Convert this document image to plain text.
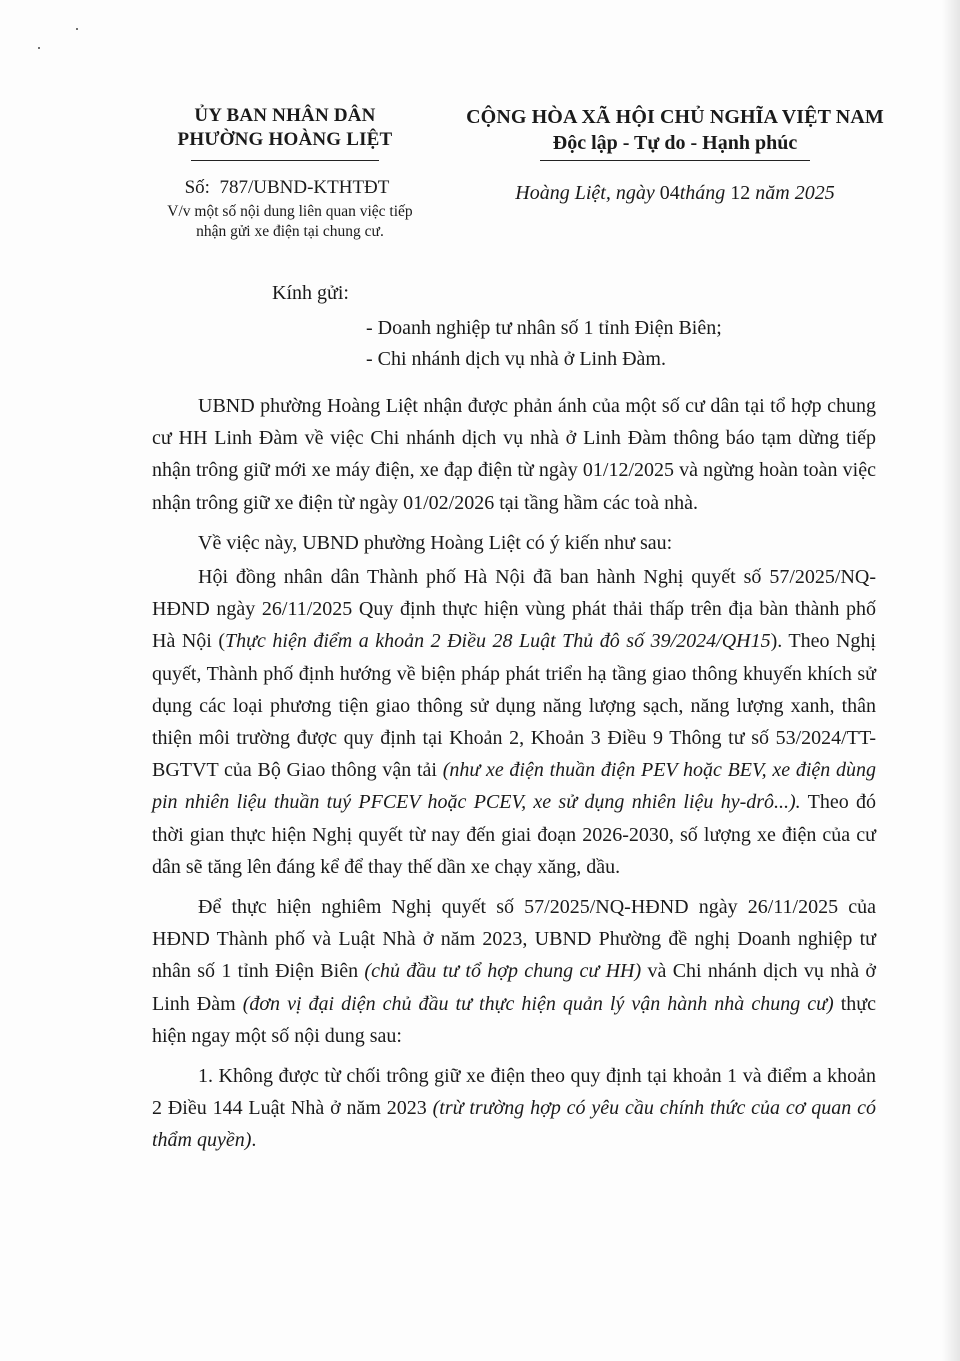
ỦY BAN NHÂN DÂN
PHƯỜNG HOÀNG LIỆT
CỘNG HÒA XÃ HỘI CHỦ NGHĨA VIỆT NAM
Độc lập - Tự do - Hạnh phúc
Số: 787/UBND-KTHTĐT
V/v một số nội dung liên quan việc tiếp
nhận gửi xe điện tại chung cư.
Hoàng Liệt, ngày 04tháng 12 năm 2025
Kính gửi:
- Doanh nghiệp tư nhân số 1 tỉnh Điện Biên;
- Chi nhánh dịch vụ nhà ở Linh Đàm.

UBND phường Hoàng Liệt nhận được phản ánh của một số cư dân tại tổ hợp chung cư HH Linh Đàm về việc Chi nhánh dịch vụ nhà ở Linh Đàm thông báo tạm dừng tiếp nhận trông giữ mới xe máy điện, xe đạp điện từ ngày 01/12/2025 và ngừng hoàn toàn việc nhận trông giữ xe điện từ ngày 01/02/2026 tại tầng hầm các toà nhà.

Về việc này, UBND phường Hoàng Liệt có ý kiến như sau:

Hội đồng nhân dân Thành phố Hà Nội đã ban hành Nghị quyết số 57/2025/NQ-HĐND ngày 26/11/2025 Quy định thực hiện vùng phát thải thấp trên địa bàn thành phố Hà Nội (Thực hiện điểm a khoản 2 Điều 28 Luật Thủ đô số 39/2024/QH15). Theo Nghị quyết, Thành phố định hướng về biện pháp phát triển hạ tầng giao thông khuyến khích sử dụng các loại phương tiện giao thông sử dụng năng lượng sạch, năng lượng xanh, thân thiện môi trường được quy định tại Khoản 2, Khoản 3 Điều 9 Thông tư số 53/2024/TT-BGTVT của Bộ Giao thông vận tải (như xe điện thuần điện PEV hoặc BEV, xe điện dùng pin nhiên liệu thuần tuý PFCEV hoặc PCEV, xe sử dụng nhiên liệu hy-drô...). Theo đó thời gian thực hiện Nghị quyết từ nay đến giai đoạn 2026-2030, số lượng xe điện của cư dân sẽ tăng lên đáng kể để thay thế dần xe chạy xăng, dầu.

Để thực hiện nghiêm Nghị quyết số 57/2025/NQ-HĐND ngày 26/11/2025 của HĐND Thành phố và Luật Nhà ở năm 2023, UBND Phường đề nghị Doanh nghiệp tư nhân số 1 tỉnh Điện Biên (chủ đầu tư tổ hợp chung cư HH) và Chi nhánh dịch vụ nhà ở Linh Đàm (đơn vị đại diện chủ đầu tư thực hiện quản lý vận hành nhà chung cư) thực hiện ngay một số nội dung sau:

1. Không được từ chối trông giữ xe điện theo quy định tại khoản 1 và điểm a khoản 2 Điều 144 Luật Nhà ở năm 2023 (trừ trường hợp có yêu cầu chính thức của cơ quan có thẩm quyền).
